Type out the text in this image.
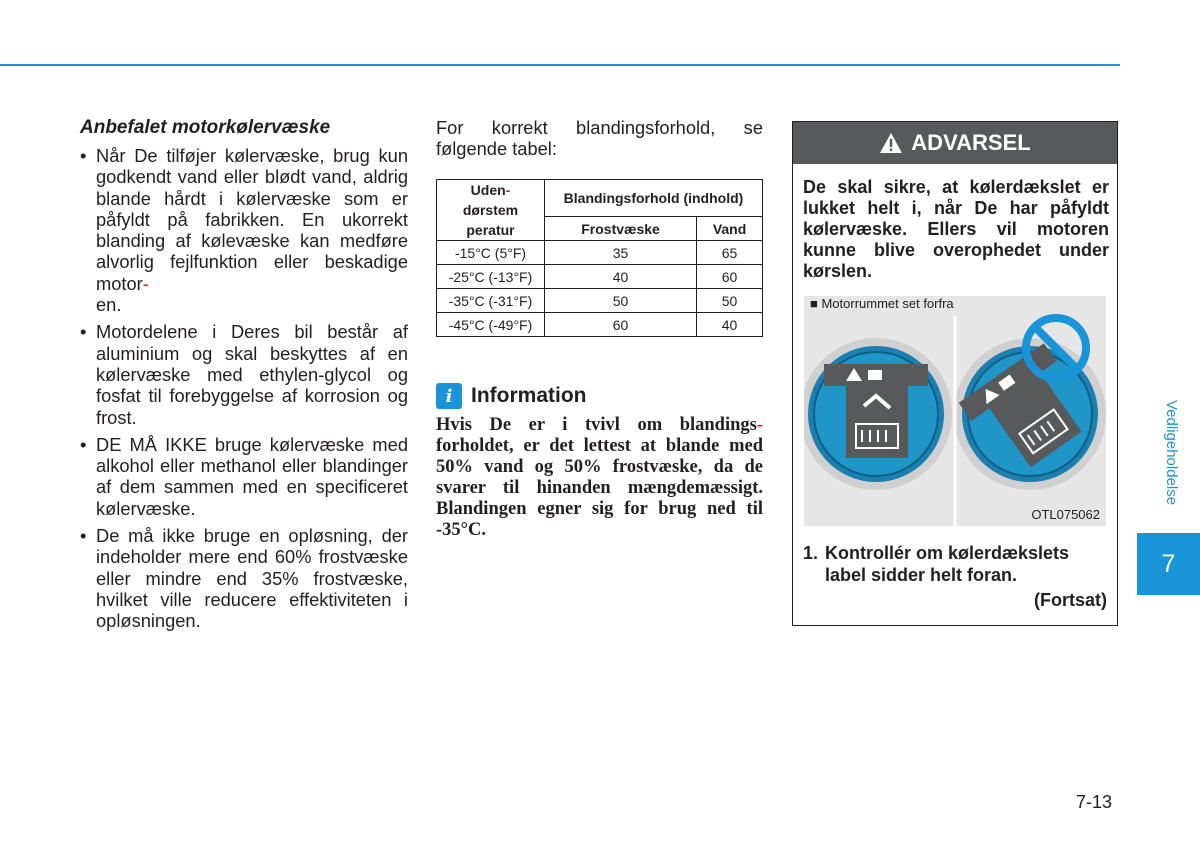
Anbefalet motorkølervæske
• Når De tilføjer kølervæske, brug kun godkendt vand eller blødt vand, aldrig blande hårdt i kølervæske som er påfyldt på fabrikken. En ukorrekt blanding af kølevæske kan medføre alvorlig fejlfunktion eller beskadige motor-
en.
• Motordelene i Deres bil består af aluminium og skal beskyttes af en kølervæske med ethylen-glycol og fosfat til forebyggelse af korrosion og frost.
• DE MÅ IKKE bruge kølervæske med alkohol eller methanol eller blandinger af dem sammen med en specificeret kølervæske.
• De må ikke bruge en opløsning, der indeholder mere end 60% frostvæske eller mindre end 35% frostvæske, hvilket ville reducere effektiviteten i opløsningen.

For korrekt blandingsforhold, se følgende tabel:

Uden-
dørstem
peratur	Blandingsforhold (indhold)	
	Frostvæske	Vand
-15°C (5°F)	35	65
-25°C (-13°F)	40	60
-35°C (-31°F)	50	50
-45°C (-49°F)	60	40
i Information

Hvis De er i tvivl om blandings- forholdet, er det lettest at blande med 50% vand og 50% frostvæske, da de svarer til hinanden mængdemæssigt. Blandingen egner sig for brug ned til -35°C.

ADVARSEL

De skal sikre, at kølerdækslet er lukket helt i, når De har påfyldt kølervæske. Ellers vil motoren kunne blive overophedet under kørslen.

■ Motorrummet set forfra
OTL075062

1. Kontrollér om kølerdækslets
label sidder helt foran.

(Fortsat)
Vedligeholdelse
7
7-13
